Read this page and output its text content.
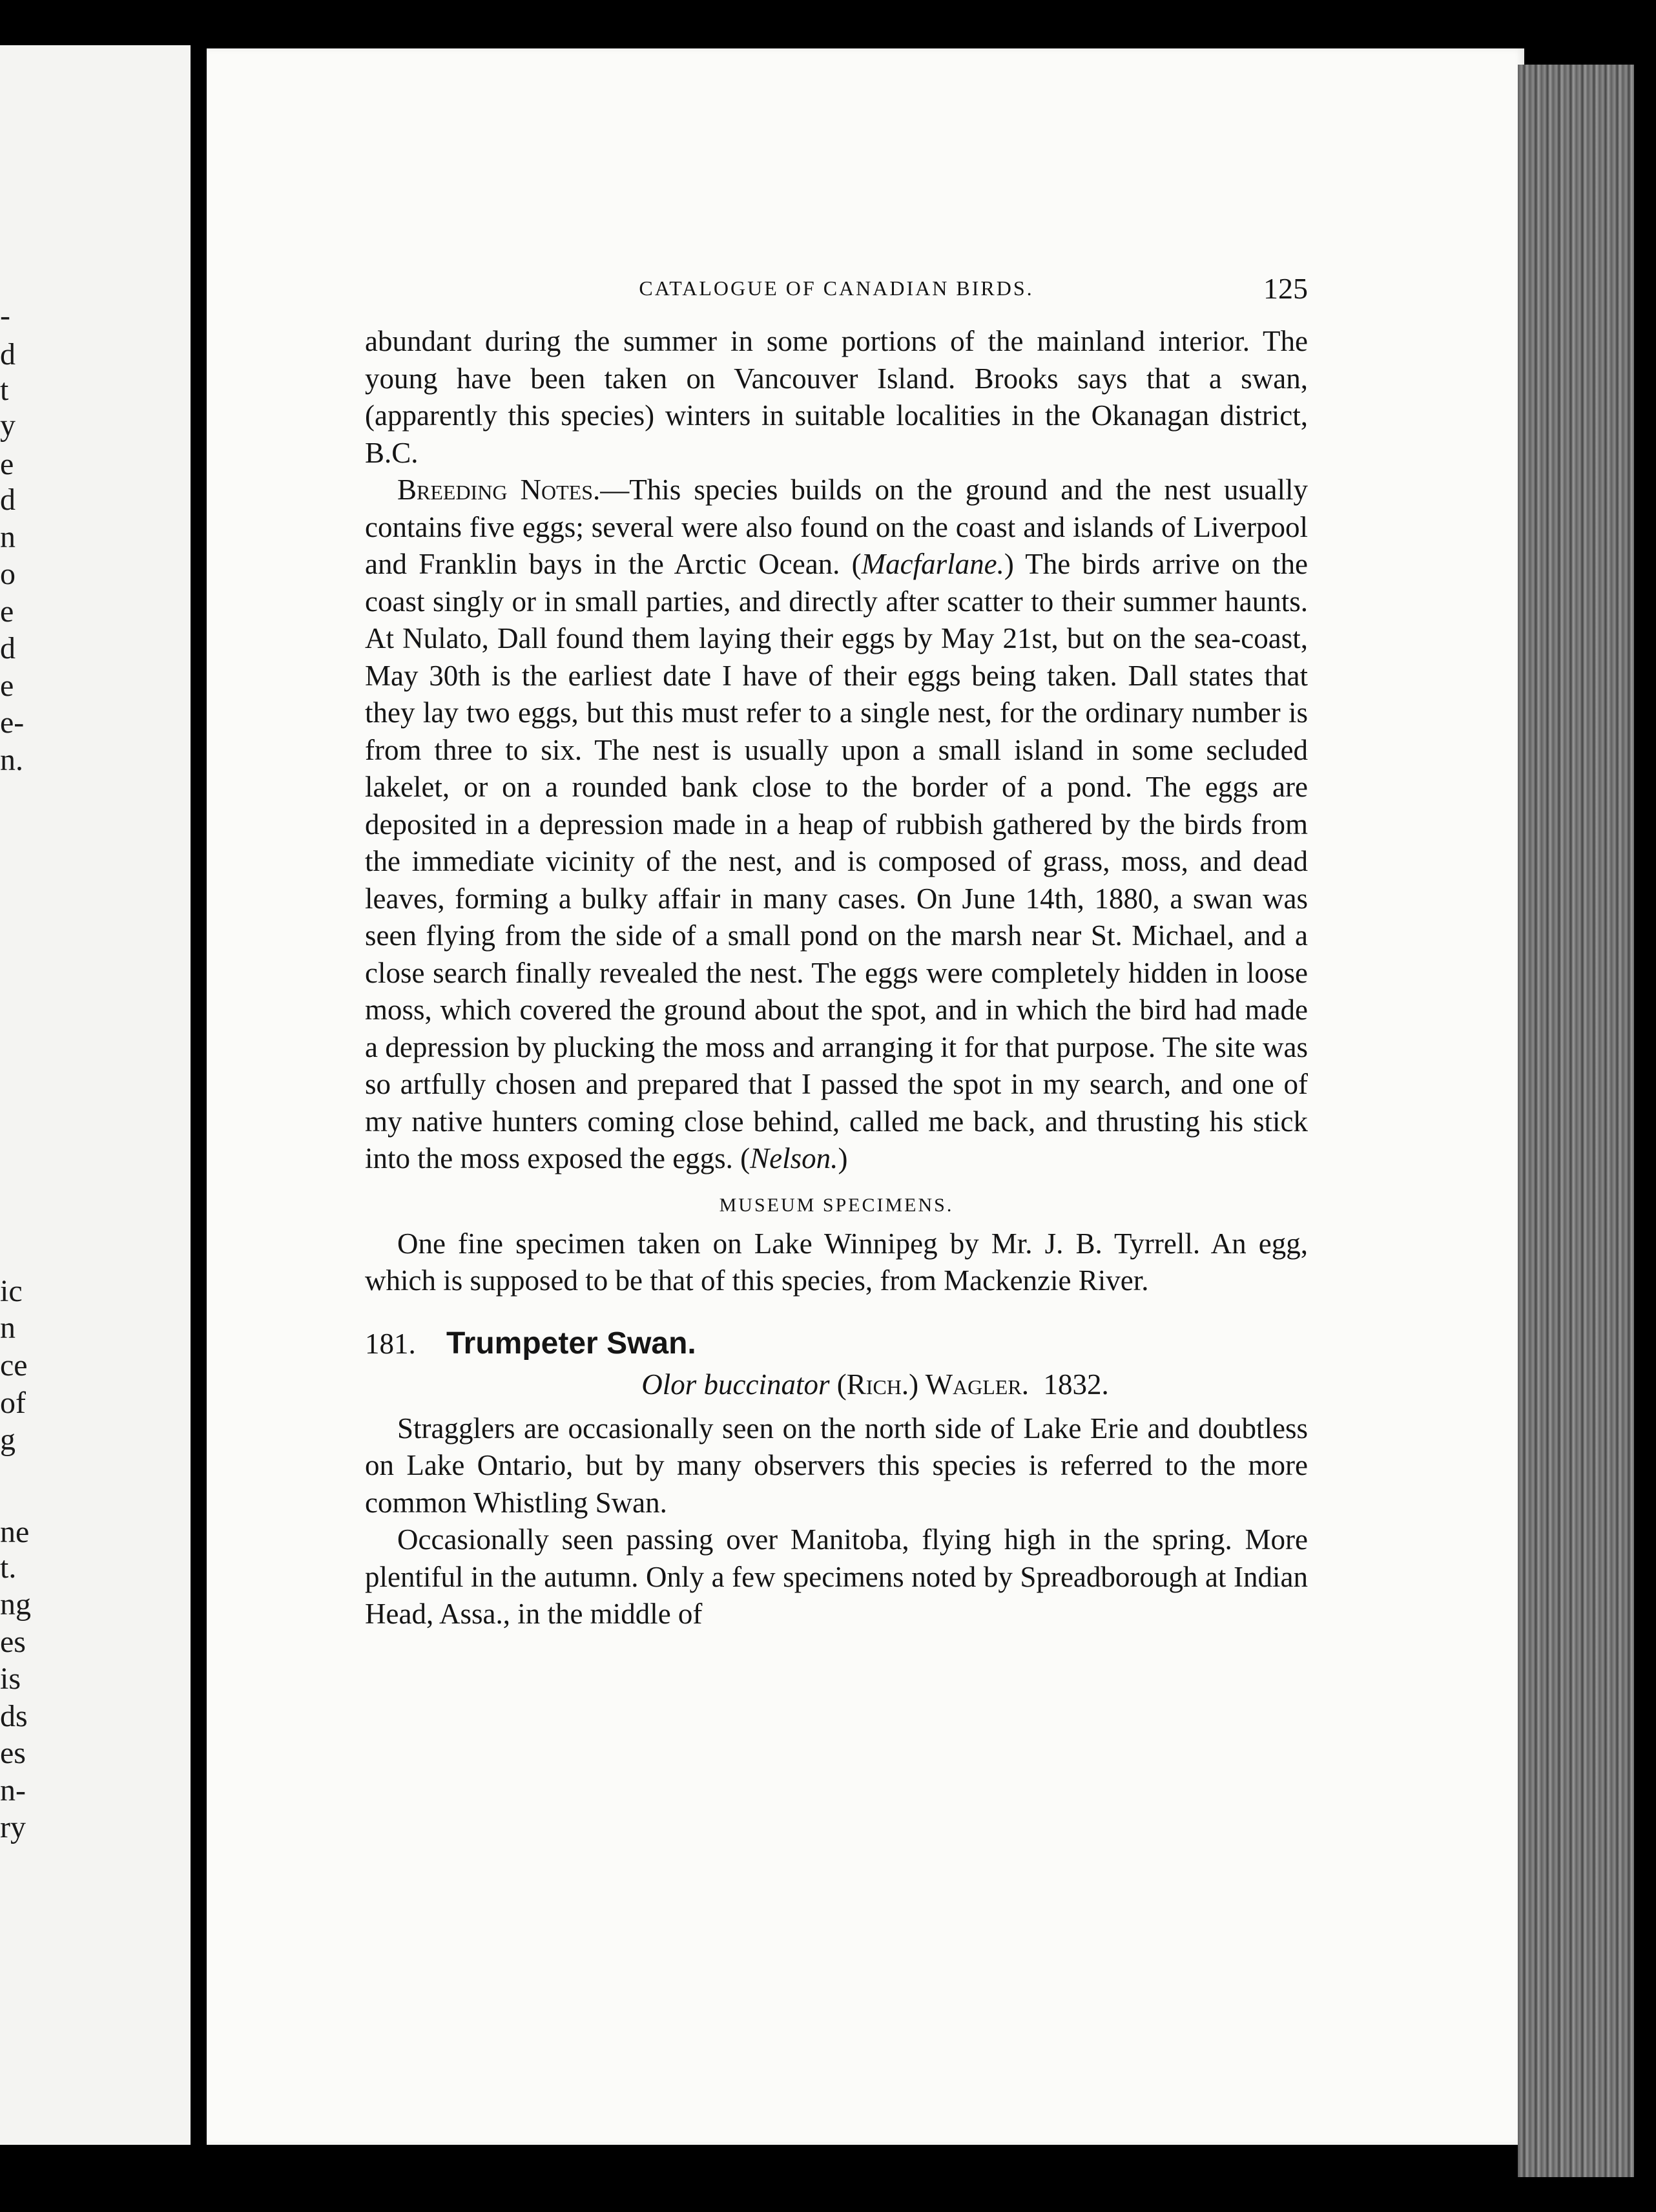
-
d
t
y
e
d
n
o
e
d
e
e-
n.
ic
n
ce
of
g
ne
t.
ng
es
is
ds
es
n-
ry
CATALOGUE OF CANADIAN BIRDS.	125

abundant during the summer in some portions of the mainland interior. The young have been taken on Vancouver Island. Brooks says that a swan, (apparently this species) winters in suitable localities in the Okanagan district, B.C.

Breeding Notes.—This species builds on the ground and the nest usually contains five eggs; several were also found on the coast and islands of Liverpool and Franklin bays in the Arctic Ocean. (Macfarlane.) The birds arrive on the coast singly or in small parties, and directly after scatter to their summer haunts. At Nulato, Dall found them laying their eggs by May 21st, but on the sea-coast, May 30th is the earliest date I have of their eggs being taken. Dall states that they lay two eggs, but this must refer to a single nest, for the ordinary number is from three to six. The nest is usually upon a small island in some secluded lakelet, or on a rounded bank close to the border of a pond. The eggs are deposited in a depression made in a heap of rubbish gathered by the birds from the immediate vicinity of the nest, and is composed of grass, moss, and dead leaves, forming a bulky affair in many cases. On June 14th, 1880, a swan was seen flying from the side of a small pond on the marsh near St. Michael, and a close search finally revealed the nest. The eggs were completely hidden in loose moss, which covered the ground about the spot, and in which the bird had made a depression by plucking the moss and arranging it for that purpose. The site was so artfully chosen and prepared that I passed the spot in my search, and one of my native hunters coming close behind, called me back, and thrusting his stick into the moss exposed the eggs. (Nelson.)

MUSEUM SPECIMENS.

One fine specimen taken on Lake Winnipeg by Mr. J. B. Tyrrell. An egg, which is supposed to be that of this species, from Mackenzie River.

181. Trumpeter Swan.
Olor buccinator (Rich.) Wagler. 1832.

Stragglers are occasionally seen on the north side of Lake Erie and doubtless on Lake Ontario, but by many observers this species is referred to the more common Whistling Swan.

Occasionally seen passing over Manitoba, flying high in the spring. More plentiful in the autumn. Only a few specimens noted by Spreadborough at Indian Head, Assa., in the middle of
